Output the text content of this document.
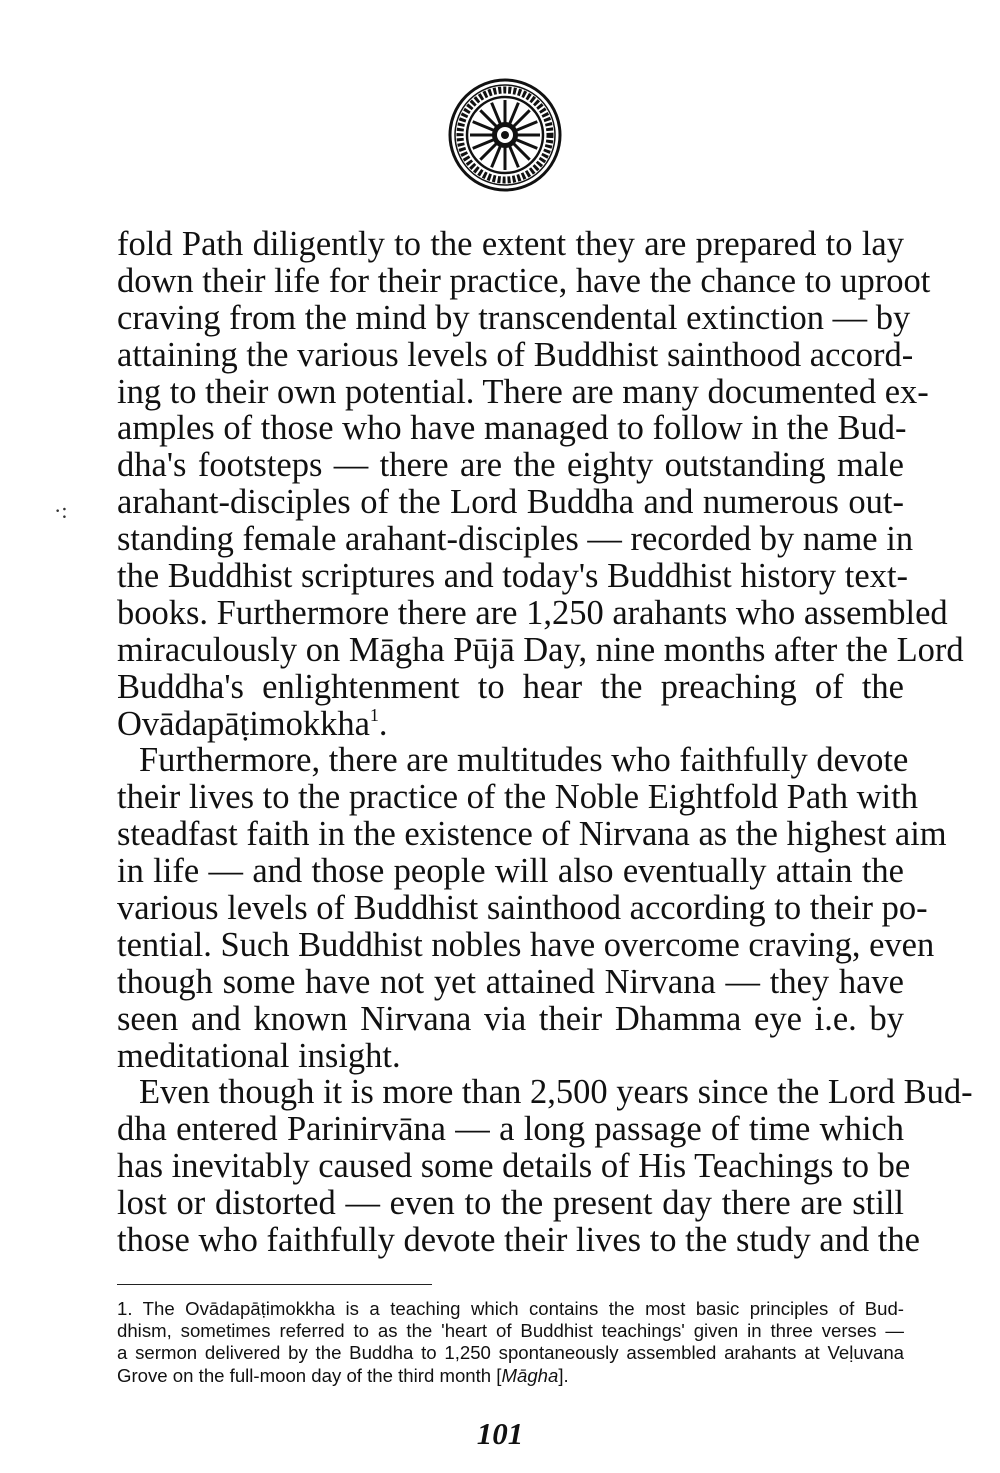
·:
fold Path diligently to the extent they are prepared to lay
down their life for their practice, have the chance to uproot
craving from the mind by transcendental extinction — by
attaining the various levels of Buddhist sainthood accord-
ing to their own potential. There are many documented ex-
amples of those who have managed to follow in the Bud-
dha's footsteps — there are the eighty outstanding male
arahant-disciples of the Lord Buddha and numerous out-
standing female arahant-disciples — recorded by name in
the Buddhist scriptures and today's Buddhist history text-
books. Furthermore there are 1,250 arahants who assembled
miraculously on Māgha Pūjā Day, nine months after the Lord
Buddha's enlightenment to hear the preaching of the
Ovādapāṭimokkha$^1$.
Furthermore, there are multitudes who faithfully devote
their lives to the practice of the Noble Eightfold Path with
steadfast faith in the existence of Nirvana as the highest aim
in life — and those people will also eventually attain the
various levels of Buddhist sainthood according to their po-
tential. Such Buddhist nobles have overcome craving, even
though some have not yet attained Nirvana — they have
seen and known Nirvana via their Dhamma eye i.e. by
meditational insight.
Even though it is more than 2,500 years since the Lord Bud-
dha entered Parinirvāna — a long passage of time which
has inevitably caused some details of His Teachings to be
lost or distorted — even to the present day there are still
those who faithfully devote their lives to the study and the
1. The Ovādapāṭimokkha is a teaching which contains the most basic principles of Bud-
dhism, sometimes referred to as the 'heart of Buddhist teachings' given in three verses —
a sermon delivered by the Buddha to 1,250 spontaneously assembled arahants at Veḷuvana
Grove on the full-moon day of the third month [Māgha].
101
